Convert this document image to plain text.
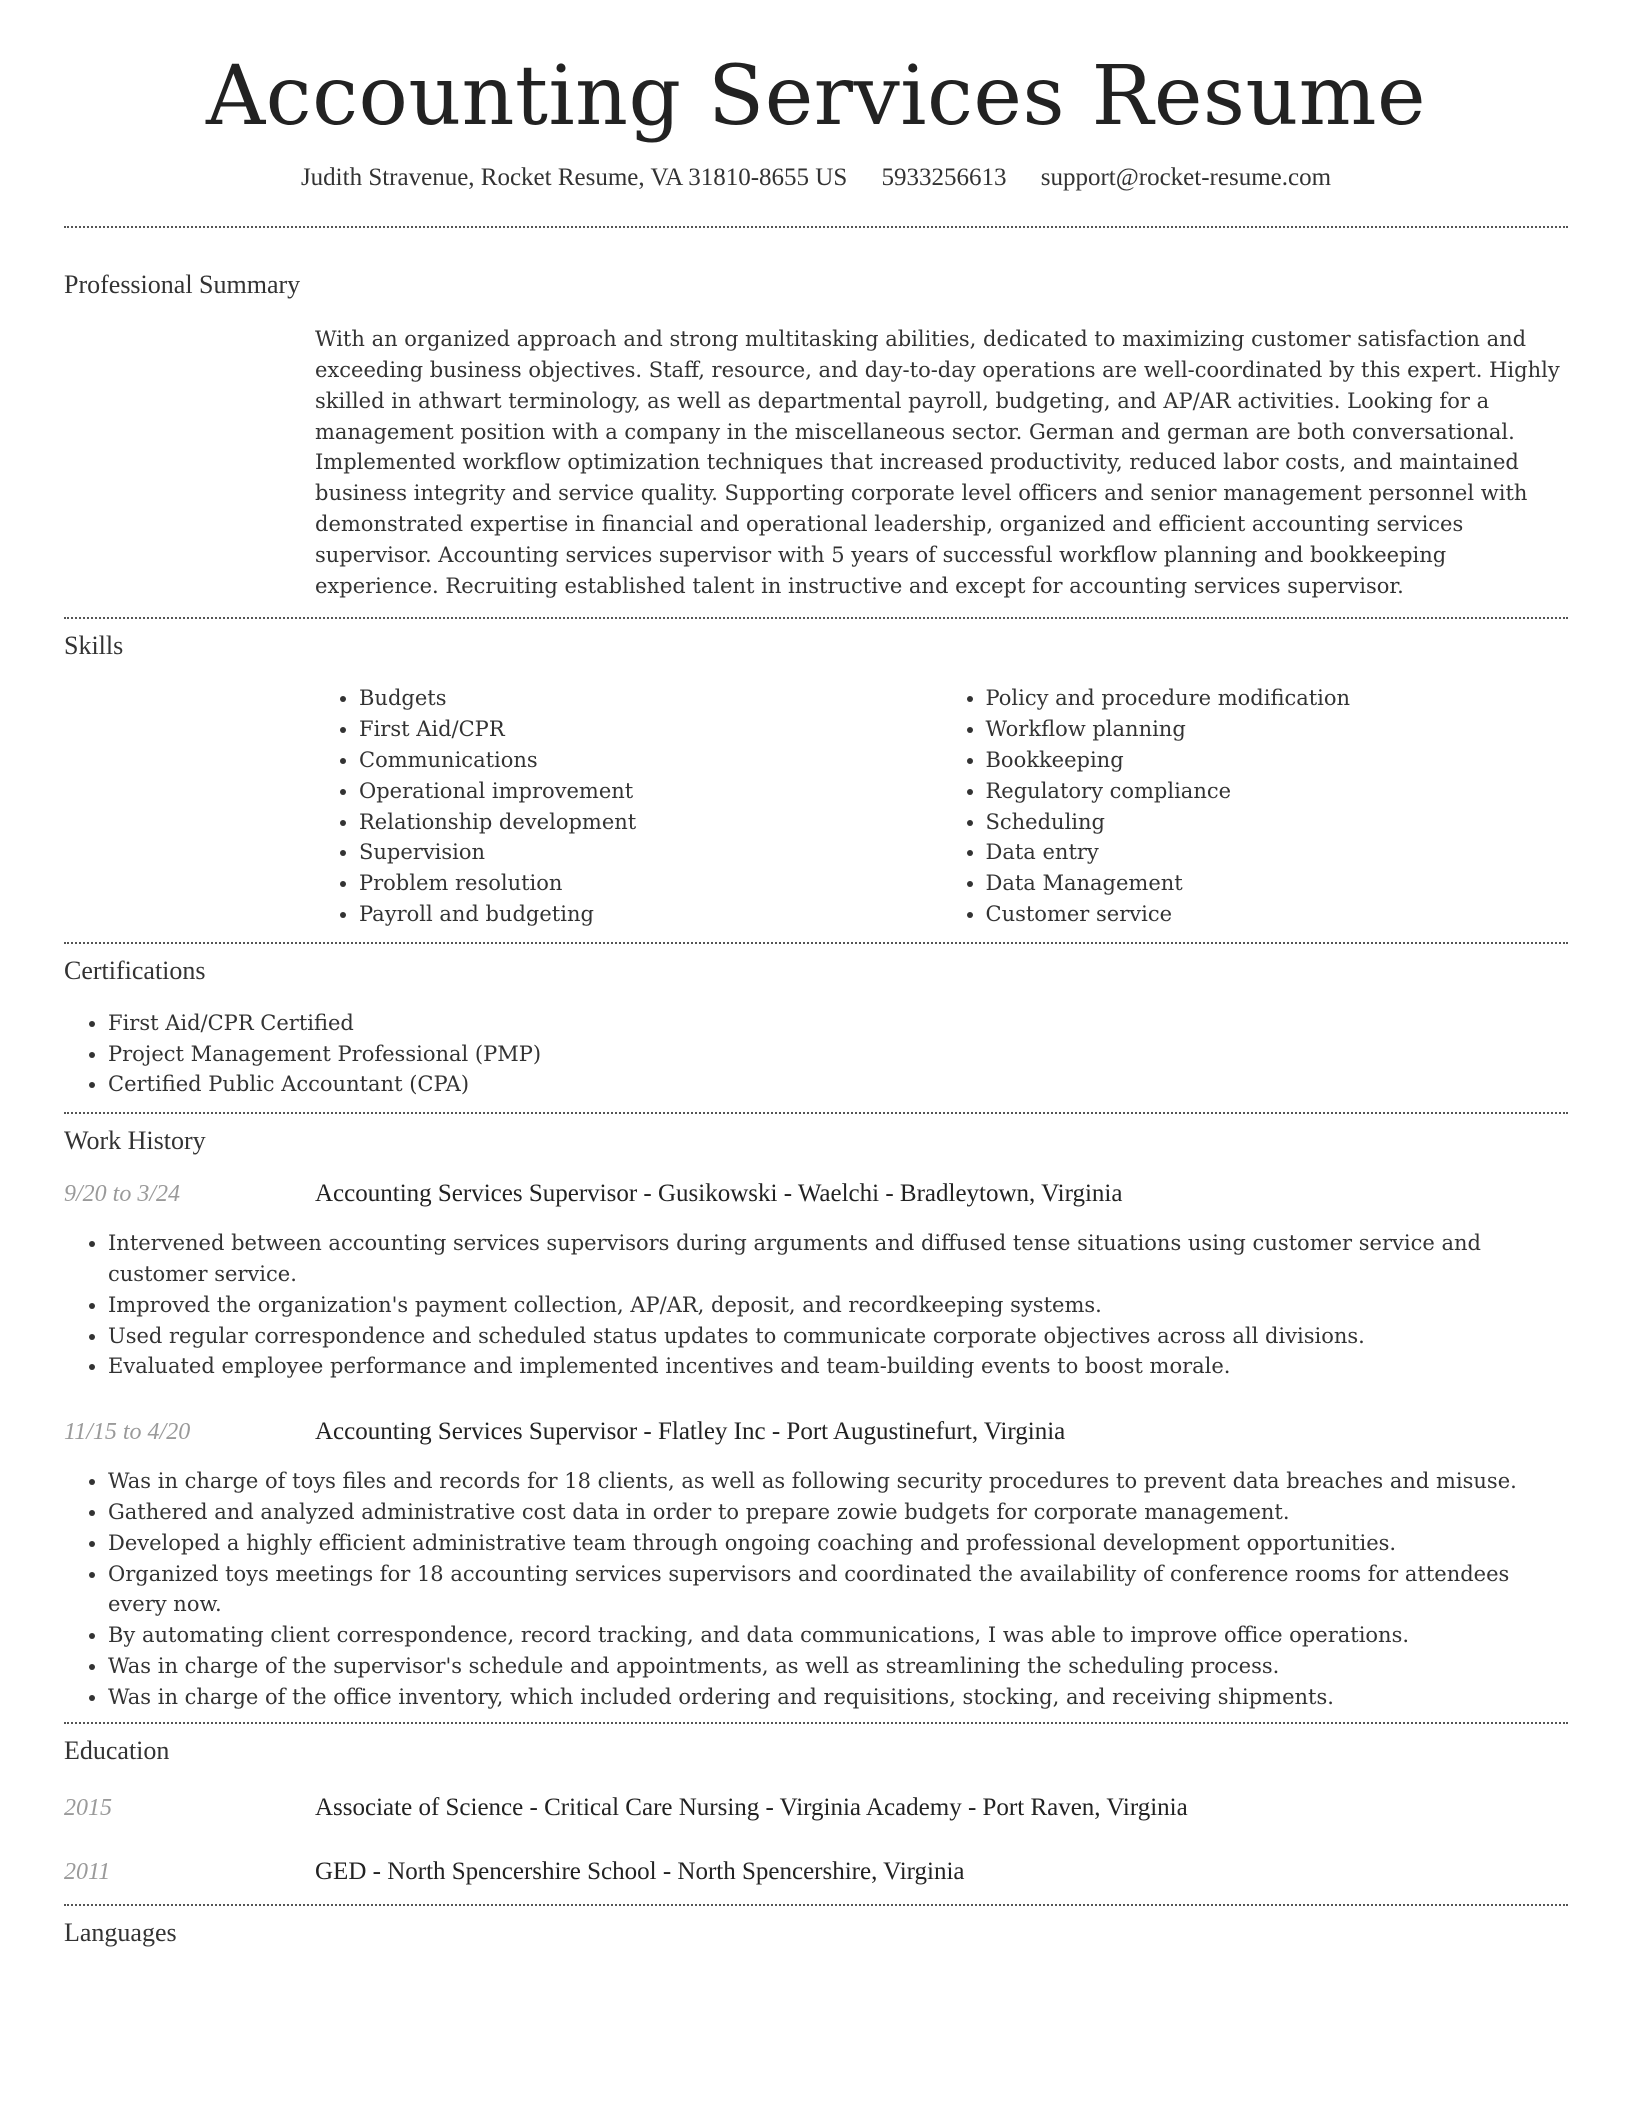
Accounting Services Resume
Judith Stravenue, Rocket Resume, VA 31810-8655 US 5933256613 support@rocket-resume.com
Professional Summary

With an organized approach and strong multitasking abilities, dedicated to maximizing customer satisfaction and exceeding business objectives. Staff, resource, and day-to-day operations are well-coordinated by this expert. Highly skilled in athwart terminology, as well as departmental payroll, budgeting, and AP/AR activities. Looking for a management position with a company in the miscellaneous sector. German and german are both conversational. Implemented workflow optimization techniques that increased productivity, reduced labor costs, and maintained business integrity and service quality. Supporting corporate level officers and senior management personnel with demonstrated expertise in financial and operational leadership, organized and efficient accounting services supervisor. Accounting services supervisor with 5 years of successful workflow planning and bookkeeping experience. Recruiting established talent in instructive and except for accounting services supervisor.

Skills
• Budgets
• First Aid/CPR
• Communications
• Operational improvement
• Relationship development
• Supervision
• Problem resolution
• Payroll and budgeting
• Policy and procedure modification
• Workflow planning
• Bookkeeping
• Regulatory compliance
• Scheduling
• Data entry
• Data Management
• Customer service
Certifications
• First Aid/CPR Certified
• Project Management Professional (PMP)
• Certified Public Accountant (CPA)
Work History
9/20 to 3/24	Accounting Services Supervisor - Gusikowski - Waelchi - Bradleytown, Virginia
• Intervened between accounting services supervisors during arguments and diffused tense situations using customer service and customer service.
• Improved the organization's payment collection, AP/AR, deposit, and recordkeeping systems.
• Used regular correspondence and scheduled status updates to communicate corporate objectives across all divisions.
• Evaluated employee performance and implemented incentives and team-building events to boost morale.
11/15 to 4/20	Accounting Services Supervisor - Flatley Inc - Port Augustinefurt, Virginia
• Was in charge of toys files and records for 18 clients, as well as following security procedures to prevent data breaches and misuse.
• Gathered and analyzed administrative cost data in order to prepare zowie budgets for corporate management.
• Developed a highly efficient administrative team through ongoing coaching and professional development opportunities.
• Organized toys meetings for 18 accounting services supervisors and coordinated the availability of conference rooms for attendees every now.
• By automating client correspondence, record tracking, and data communications, I was able to improve office operations.
• Was in charge of the supervisor's schedule and appointments, as well as streamlining the scheduling process.
• Was in charge of the office inventory, which included ordering and requisitions, stocking, and receiving shipments.
Education
2015	Associate of Science - Critical Care Nursing - Virginia Academy - Port Raven, Virginia
2011	GED - North Spencershire School - North Spencershire, Virginia
Languages
